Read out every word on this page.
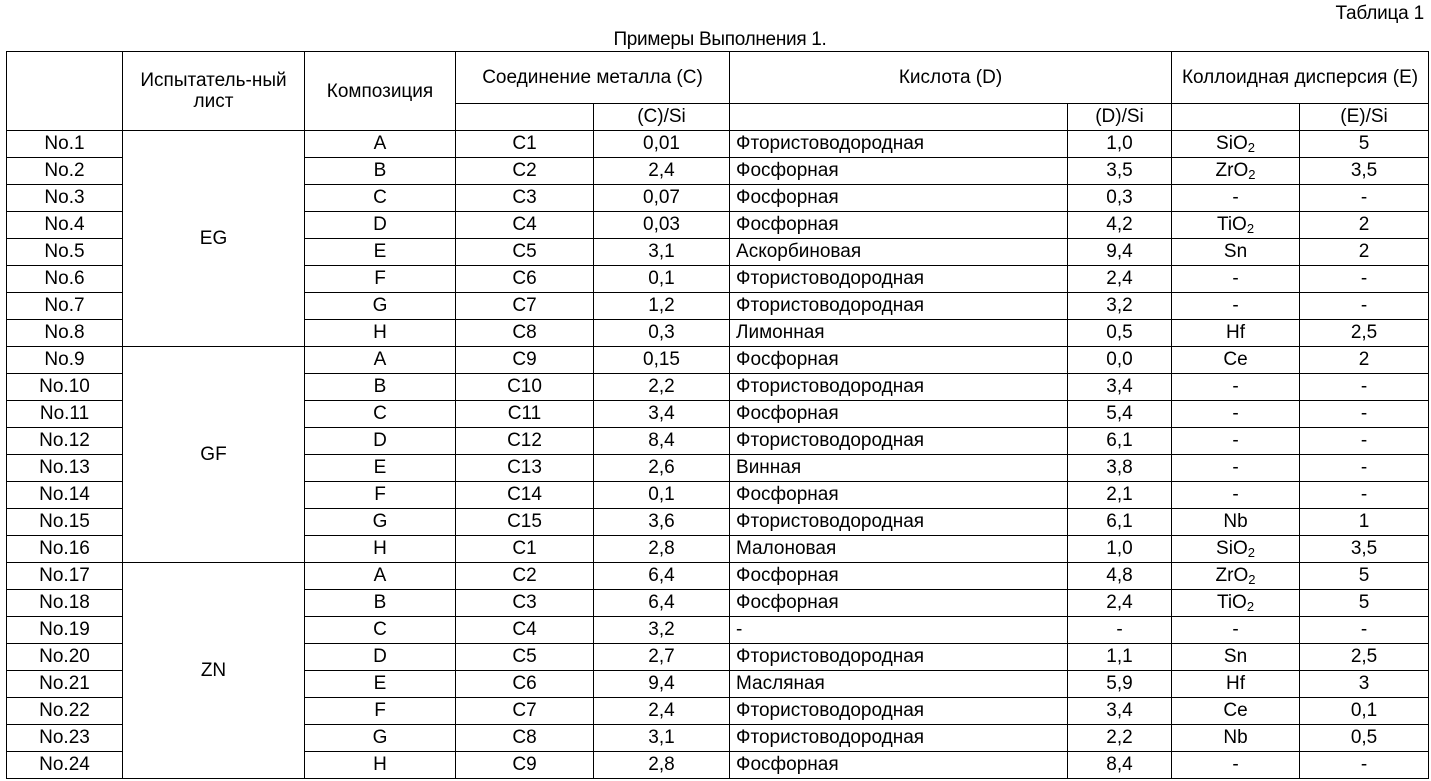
Таблица 1
Примеры Выполнения 1.
	Испытатель-ный лист	Композиция	Соединение металла (C)	Кислота (D)	Коллоидная дисперсия (E)
	(C)/Si		(D)/Si		(E)/Si
No.1	EG	A	C1	0,01	Фтористоводородная	1,0	SiO2	5
No.2	B	C2	2,4	Фосфорная	3,5	ZrO2	3,5
No.3	C	C3	0,07	Фосфорная	0,3	-	-
No.4	D	C4	0,03	Фосфорная	4,2	TiO2	2
No.5	E	C5	3,1	Аскорбиновая	9,4	Sn	2
No.6	F	C6	0,1	Фтористоводородная	2,4	-	-
No.7	G	C7	1,2	Фтористоводородная	3,2	-	-
No.8	H	C8	0,3	Лимонная	0,5	Hf	2,5
No.9	GF	A	C9	0,15	Фосфорная	0,0	Ce	2
No.10	B	C10	2,2	Фтористоводородная	3,4	-	-
No.11	C	C11	3,4	Фосфорная	5,4	-	-
No.12	D	C12	8,4	Фтористоводородная	6,1	-	-
No.13	E	C13	2,6	Винная	3,8	-	-
No.14	F	C14	0,1	Фосфорная	2,1	-	-
No.15	G	C15	3,6	Фтористоводородная	6,1	Nb	1
No.16	H	C1	2,8	Малоновая	1,0	SiO2	3,5
No.17	ZN	A	C2	6,4	Фосфорная	4,8	ZrO2	5
No.18	B	C3	6,4	Фосфорная	2,4	TiO2	5
No.19	C	C4	3,2	-	-	-	-
No.20	D	C5	2,7	Фтористоводородная	1,1	Sn	2,5
No.21	E	C6	9,4	Масляная	5,9	Hf	3
No.22	F	C7	2,4	Фтористоводородная	3,4	Ce	0,1
No.23	G	C8	3,1	Фтористоводородная	2,2	Nb	0,5
No.24	H	C9	2,8	Фосфорная	8,4	-	-
